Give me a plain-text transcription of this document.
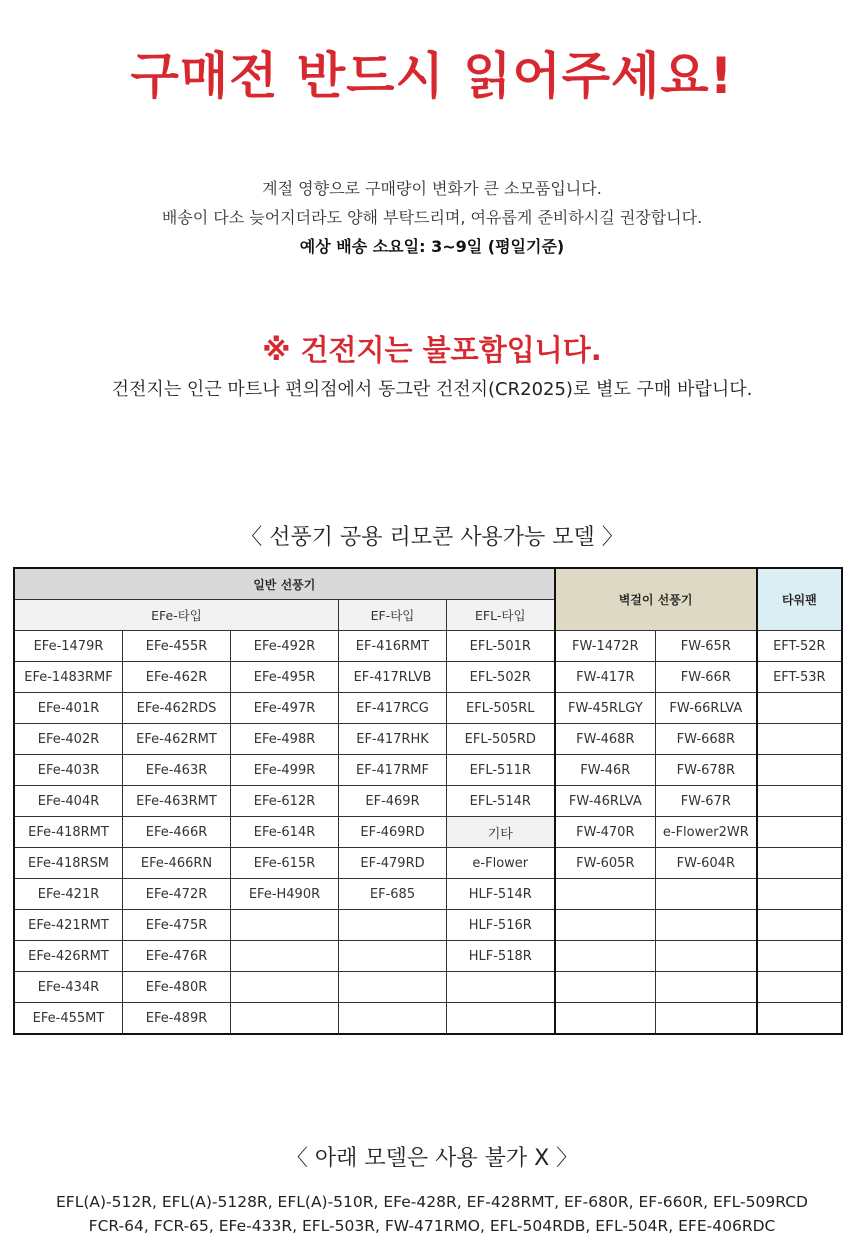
구매전 반드시 읽어주세요!
계절 영향으로 구매량이 변화가 큰 소모품입니다.
배송이 다소 늦어지더라도 양해 부탁드리며, 여유롭게 준비하시길 권장합니다.
예상 배송 소요일: 3~9일 (평일기준)
※ 건전지는 불포함입니다.
건전지는 인근 마트나 편의점에서 동그란 건전지(CR2025)로 별도 구매 바랍니다.
〈 선풍기 공용 리모콘 사용가능 모델 〉
일반 선풍기					벽걸이 선풍기		타워팬
EFe-타입			EF-타입	EFL-타입			
EFe-1479R	EFe-455R	EFe-492R	EF-416RMT	EFL-501R	FW-1472R	FW-65R	EFT-52R
EFe-1483RMF	EFe-462R	EFe-495R	EF-417RLVB	EFL-502R	FW-417R	FW-66R	EFT-53R
EFe-401R	EFe-462RDS	EFe-497R	EF-417RCG	EFL-505RL	FW-45RLGY	FW-66RLVA	
EFe-402R	EFe-462RMT	EFe-498R	EF-417RHK	EFL-505RD	FW-468R	FW-668R	
EFe-403R	EFe-463R	EFe-499R	EF-417RMF	EFL-511R	FW-46R	FW-678R	
EFe-404R	EFe-463RMT	EFe-612R	EF-469R	EFL-514R	FW-46RLVA	FW-67R	
EFe-418RMT	EFe-466R	EFe-614R	EF-469RD	기타	FW-470R	e-Flower2WR	
EFe-418RSM	EFe-466RN	EFe-615R	EF-479RD	e-Flower	FW-605R	FW-604R	
EFe-421R	EFe-472R	EFe-H490R	EF-685	HLF-514R			
EFe-421RMT	EFe-475R			HLF-516R			
EFe-426RMT	EFe-476R			HLF-518R			
EFe-434R	EFe-480R						
EFe-455MT	EFe-489R						
〈 아래 모델은 사용 불가 X 〉
EFL(A)-512R, EFL(A)-5128R, EFL(A)-510R, EFe-428R, EF-428RMT, EF-680R, EF-660R, EFL-509RCD
FCR-64, FCR-65, EFe-433R, EFL-503R, FW-471RMO, EFL-504RDB, EFL-504R, EFE-406RDC
